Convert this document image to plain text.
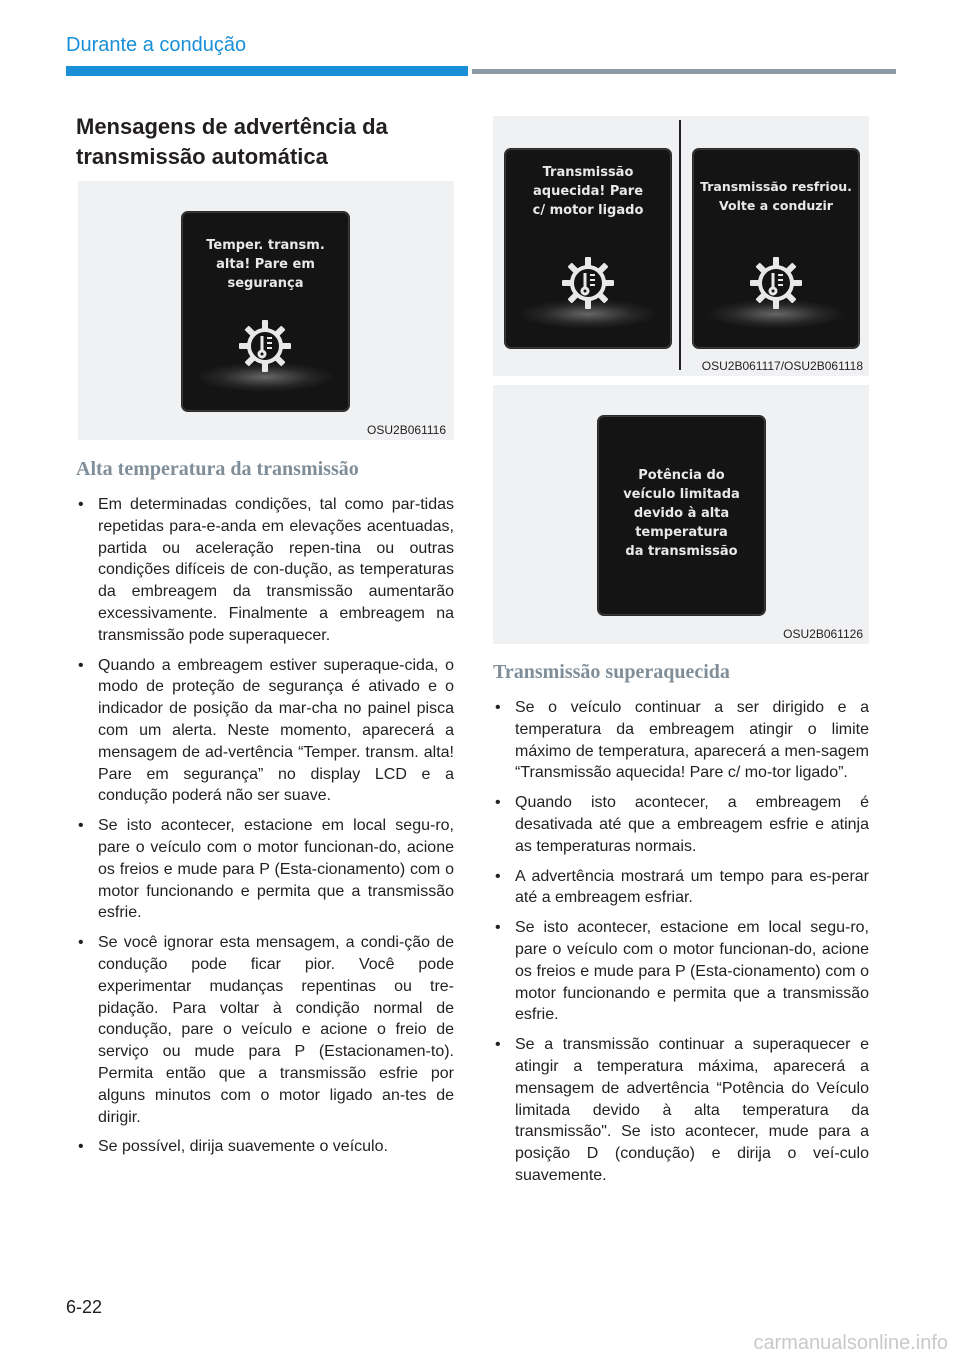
Durante a condução
Mensagens de advertência da transmissão automática
Temper. transm.
alta! Pare em
segurança
OSU2B061116
Alta temperatura da transmissão
• Em determinadas condições, tal como par-tidas repetidas para-e-anda em elevações acentuadas, partida ou aceleração repen-tina ou outras condições difíceis de con-dução, as temperaturas da embreagem da transmissão aumentarão excessivamente. Finalmente a embreagem na transmissão pode superaquecer.
• Quando a embreagem estiver superaque-cida, o modo de proteção de segurança é ativado e o indicador de posição da mar-cha no painel pisca com um alerta. Neste momento, aparecerá a mensagem de ad-vertência “Temper. transm. alta! Pare em segurança” no display LCD e a condução poderá não ser suave.
• Se isto acontecer, estacione em local segu-ro, pare o veículo com o motor funcionan-do, acione os freios e mude para P (Esta-cionamento) com o motor funcionando e permita que a transmissão esfrie.
• Se você ignorar esta mensagem, a condi-ção de condução pode ficar pior. Você pode experimentar mudanças repentinas ou tre-pidação. Para voltar à condição normal de condução, pare o veículo e acione o freio de serviço ou mude para P (Estacionamen-to). Permita então que a transmissão esfrie por alguns minutos com o motor ligado an-tes de dirigir.
• Se possível, dirija suavemente o veículo.
Transmissão
aquecida! Pare
c/ motor ligado
Transmissão resfriou.
Volte a conduzir
OSU2B061117/OSU2B061118
Potência do
veículo limitada
devido à alta
temperatura
da transmissão
OSU2B061126
Transmissão superaquecida
• Se o veículo continuar a ser dirigido e a temperatura da embreagem atingir o limite máximo de temperatura, aparecerá a men-sagem “Transmissão aquecida! Pare c/ mo-tor ligado”.
• Quando isto acontecer, a embreagem é desativada até que a embreagem esfrie e atinja as temperaturas normais.
• A advertência mostrará um tempo para es-perar até a embreagem esfriar.
• Se isto acontecer, estacione em local segu-ro, pare o veículo com o motor funcionan-do, acione os freios e mude para P (Esta-cionamento) com o motor funcionando e permita que a transmissão esfrie.
• Se a transmissão continuar a superaquecer e atingir a temperatura máxima, aparecerá a mensagem de advertência “Potência do Veículo limitada devido à alta temperatura da transmissão". Se isto acontecer, mude para a posição D (condução) e dirija o veí-culo suavemente.
6-22
carmanualsonline.info
